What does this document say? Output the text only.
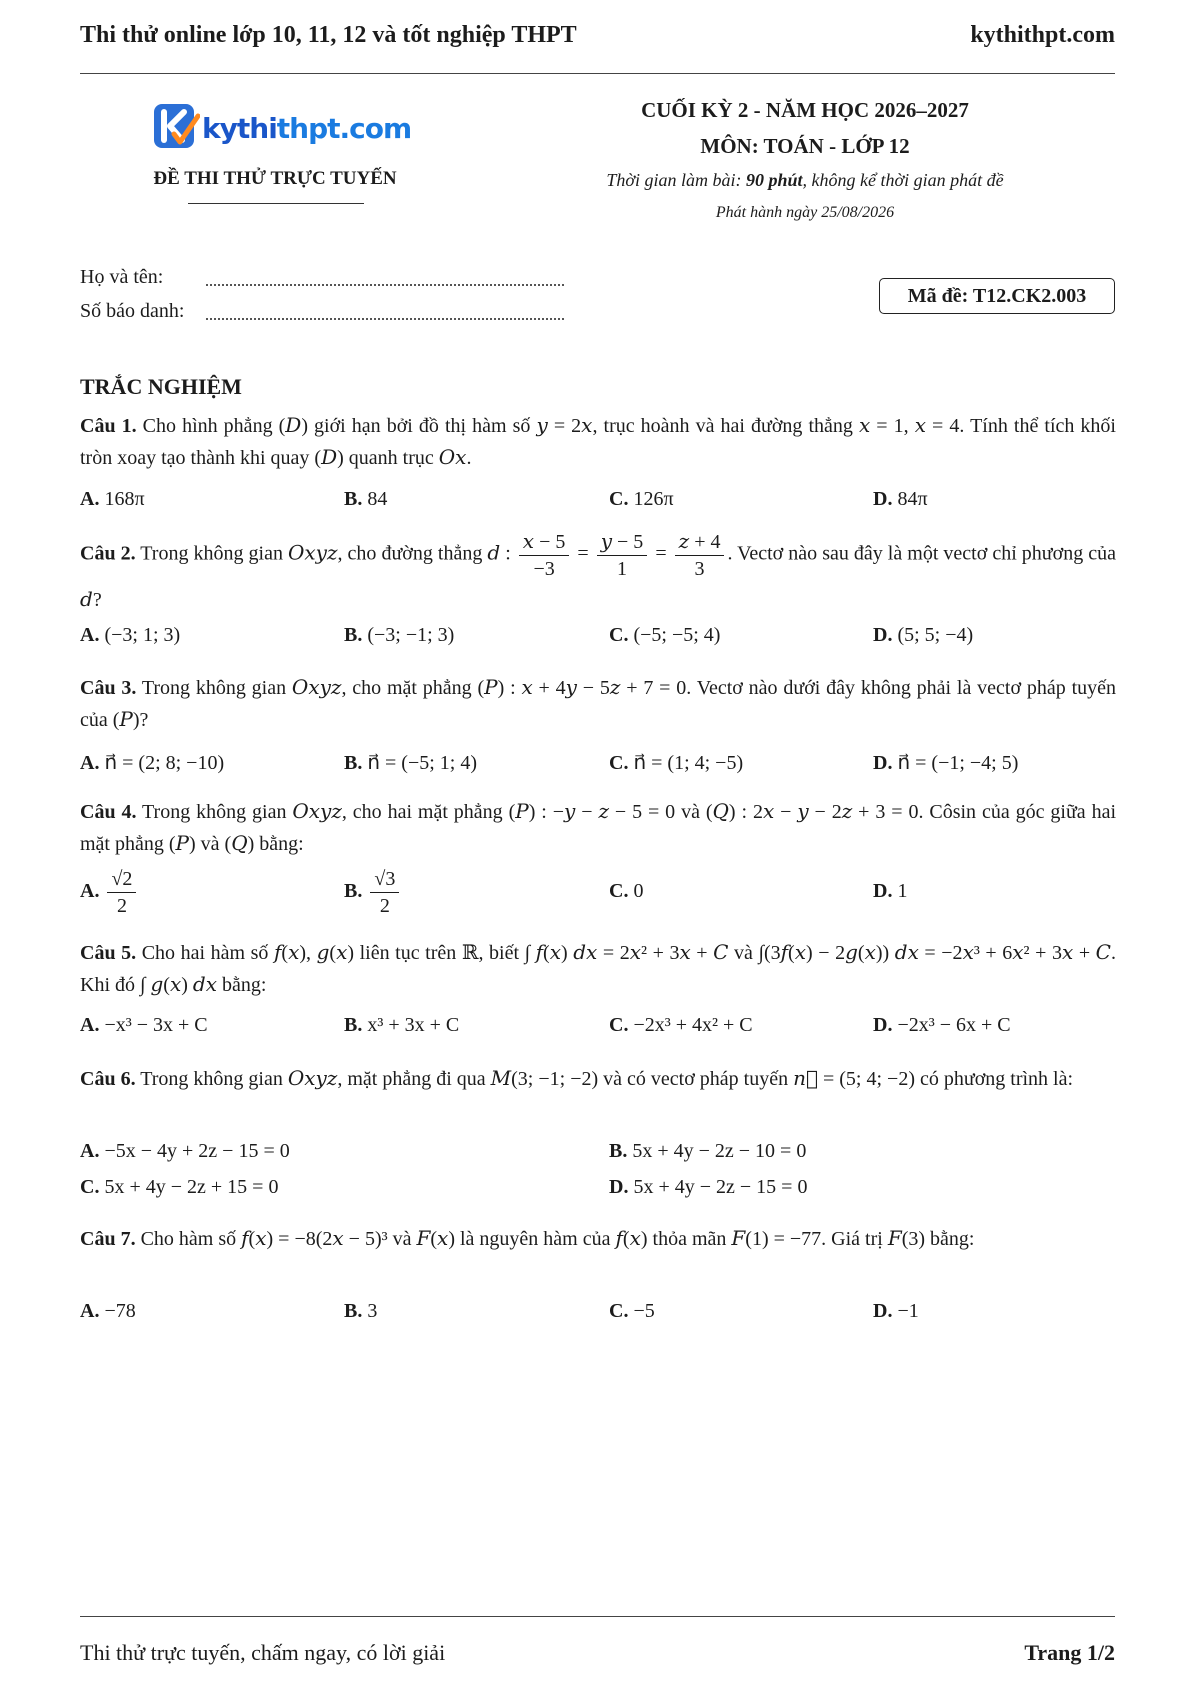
Thi thử online lớp 10, 11, 12 và tốt nghiệp THPT	kythithpt.com
kythithpt.com
ĐỀ THI THỬ TRỰC TUYẾN
CUỐI KỲ 2 - NĂM HỌC 2026–2027
MÔN: TOÁN - LỚP 12
Thời gian làm bài: 90 phút, không kể thời gian phát đề
Phát hành ngày 25/08/2026
Họ và tên:
Số báo danh:
Mã đề: T12.CK2.003
TRẮC NGHIỆM
Câu 1. Cho hình phẳng (D) giới hạn bởi đồ thị hàm số y = 2x, trục hoành và hai đường thẳng x = 1, x = 4. Tính thể tích khối tròn xoay tạo thành khi quay (D) quanh trục Ox.
A. 168π	B. 84	C. 126π	D. 84π
Câu 2. Trong không gian Oxyz, cho đường thẳng d : $\frac{x - 5}{-3} = \frac{y - 5}{1} = \frac{z + 4}{3}$ . Vectơ nào sau đây là một vectơ chỉ phương của d?
A. (−3; 1; 3)	B. (−3; −1; 3)	C. (−5; −5; 4)	D. (5; 5; −4)
Câu 3. Trong không gian Oxyz, cho mặt phẳng (P) : x + 4y − 5z + 7 = 0. Vectơ nào dưới đây không phải là vectơ pháp tuyến của (P)?
A. n⃗ = (2; 8; −10)	B. n⃗ = (−5; 1; 4)	C. n⃗ = (1; 4; −5)	D. n⃗ = (−1; −4; 5)
Câu 4. Trong không gian Oxyz, cho hai mặt phẳng (P) : −y − z − 5 = 0 và (Q) : 2x − y − 2z + 3 = 0. Côsin của góc giữa hai mặt phẳng (P) và (Q) bằng:
A. $\frac{√2}{2}$	B. $\frac{√3}{2}$	C. 0	D. 1
Câu 5. Cho hai hàm số f(x), g(x) liên tục trên ℝ, biết ∫ f(x) dx = 2x² + 3x + C và ∫(3f(x) − 2g(x)) dx = −2x³ + 6x² + 3x + C. Khi đó ∫ g(x) dx bằng:
A. −x³ − 3x + C	B. x³ + 3x + C	C. −2x³ + 4x² + C	D. −2x³ − 6x + C
Câu 6. Trong không gian Oxyz, mặt phẳng đi qua M(3; −1; −2) và có vectơ pháp tuyến n⃗ = (5; 4; −2) có phương trình là:
A. −5x − 4y + 2z − 15 = 0	B. 5x + 4y − 2z − 10 = 0
C. 5x + 4y − 2z + 15 = 0	D. 5x + 4y − 2z − 15 = 0
Câu 7. Cho hàm số f(x) = −8(2x − 5)³ và F(x) là nguyên hàm của f(x) thỏa mãn F(1) = −77. Giá trị F(3) bằng:
A. −78	B. 3	C. −5	D. −1
Thi thử trực tuyến, chấm ngay, có lời giải	Trang 1/2
